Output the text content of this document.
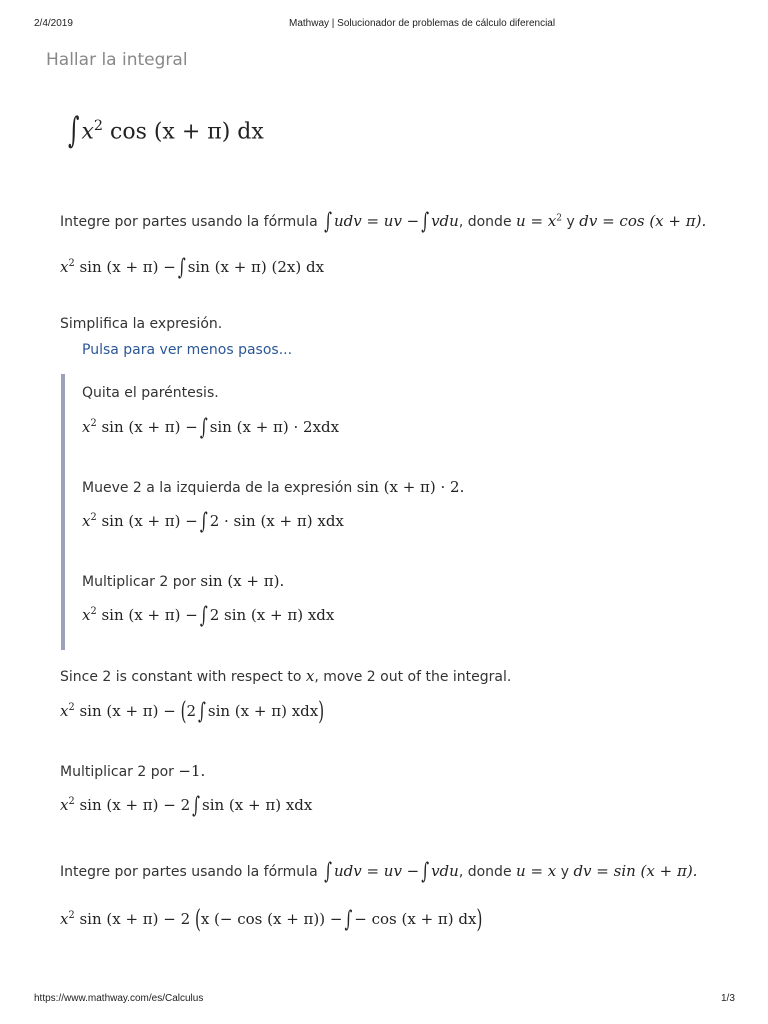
2/4/2019	Mathway | Solucionador de problemas de cálculo diferencial
Hallar la integral
$\int x^2$ cos (x + π) dx
Integre por partes usando la fórmula ∫ udv = uv − ∫ vdu, donde $u = x^2$ y dv = cos (x + π).
$x^2$ sin (x + π) − ∫ sin (x + π) (2x) dx
Simplifica la expresión.
Pulsa para ver menos pasos...
Quita el paréntesis.
$x^2$ sin (x + π) − ∫ sin (x + π) · 2xdx
Mueve 2 a la izquierda de la expresión sin (x + π) · 2.
$x^2$ sin (x + π) − ∫ 2 · sin (x + π) xdx
Multiplicar 2 por sin (x + π).
$x^2$ sin (x + π) − ∫ 2 sin (x + π) xdx
Since 2 is constant with respect to x, move 2 out of the integral.
$x^2$ sin (x + π) − (2 ∫ sin (x + π) xdx)
Multiplicar 2 por −1.
$x^2$ sin (x + π) − 2 ∫ sin (x + π) xdx
Integre por partes usando la fórmula ∫ udv = uv − ∫ vdu, donde u = x y dv = sin (x + π).
$x^2$ sin (x + π) − 2 (x (− cos (x + π)) − ∫ − cos (x + π) dx)
https://www.mathway.com/es/Calculus	1/3
